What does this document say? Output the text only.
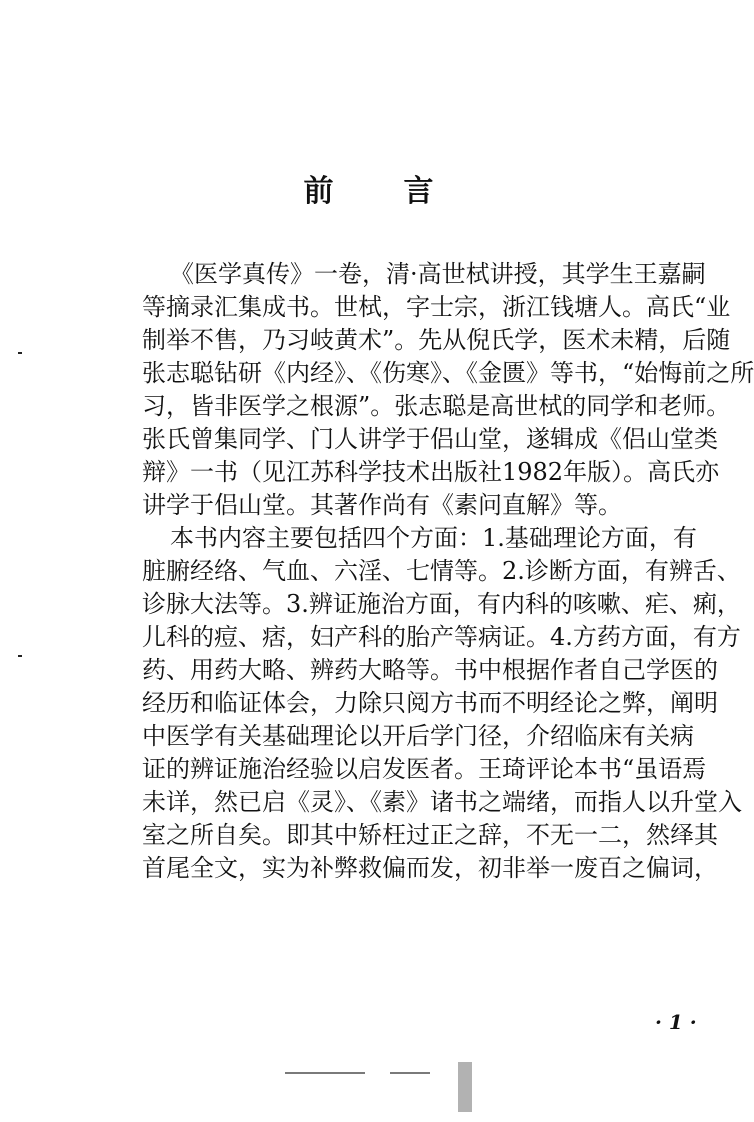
前言
《医学真传》一卷，清·高世栻讲授，其学生王嘉嗣
等摘录汇集成书。世栻，字士宗，浙江钱塘人。高氏“业
制举不售，乃习岐黄术”。先从倪氏学，医术未精，后随
张志聪钻研《内经》、《伤寒》、《金匮》等书，“始悔前之所
习，皆非医学之根源”。张志聪是高世栻的同学和老师。
张氏曾集同学、门人讲学于侣山堂，遂辑成《侣山堂类
辩》一书（见江苏科学技术出版社1982年版）。高氏亦
讲学于侣山堂。其著作尚有《素问直解》等。
本书内容主要包括四个方面：1.基础理论方面，有
脏腑经络、气血、六淫、七情等。2.诊断方面，有辨舌、
诊脉大法等。3.辨证施治方面，有内科的咳嗽、疟、痢，
儿科的痘、痞，妇产科的胎产等病证。4.方药方面，有方
药、用药大略、辨药大略等。书中根据作者自己学医的
经历和临证体会，力除只阅方书而不明经论之弊，阐明
中医学有关基础理论以开后学门径，介绍临床有关病
证的辨证施治经验以启发医者。王琦评论本书“虽语焉
未详，然已启《灵》、《素》诸书之端绪，而指人以升堂入
室之所自矣。即其中矫枉过正之辞，不无一二，然绎其
首尾全文，实为补弊救偏而发，初非举一废百之偏词，
· 1 ·
